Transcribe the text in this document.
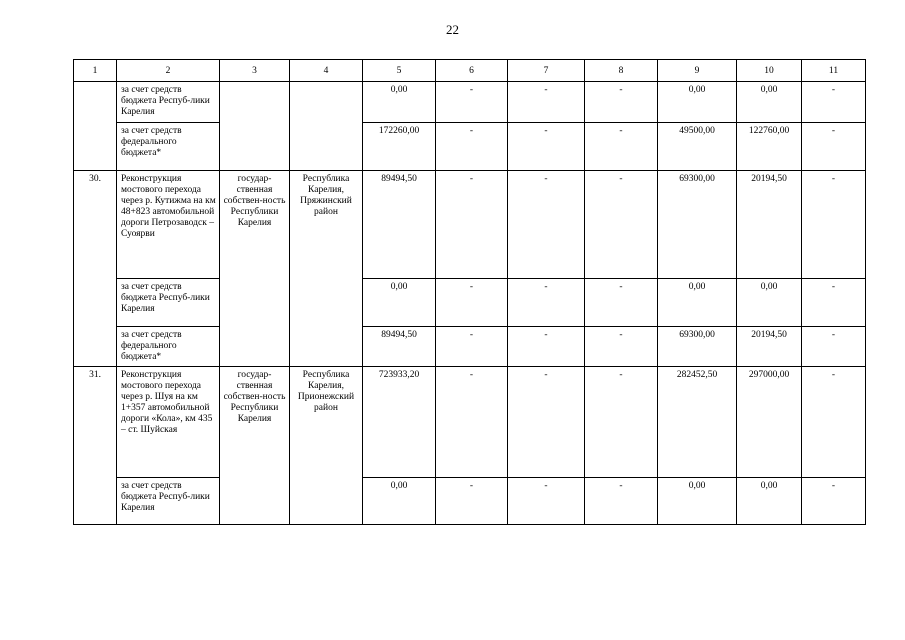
22
1	2	3	4	5	6	7	8	9	10	11
	за счет средств бюджета Респуб-лики Карелия			0,00	-	-	-	0,00	0,00	-
	за счет средств федерального бюджета*			172260,00	-	-	-	49500,00	122760,00	-
30.	Реконструкция мостового перехода через р. Кутижма на км 48+823 автомобильной дороги Петрозаводск – Суоярви	государ-ственная собствен-ность Республики Карелия	Республика Карелия, Пряжинский район	89494,50	-	-	-	69300,00	20194,50	-
	за счет средств бюджета Респуб-лики Карелия			0,00	-	-	-	0,00	0,00	-
	за счет средств федерального бюджета*			89494,50	-	-	-	69300,00	20194,50	-
31.	Реконструкция мостового перехода через р. Шуя на км 1+357 автомобильной дороги «Кола», км 435 – ст. Шуйская	государ-ственная собствен-ность Республики Карелия	Республика Карелия, Прионежский район	723933,20	-	-	-	282452,50	297000,00	-
	за счет средств бюджета Респуб-лики Карелия			0,00	-	-	-	0,00	0,00	-
